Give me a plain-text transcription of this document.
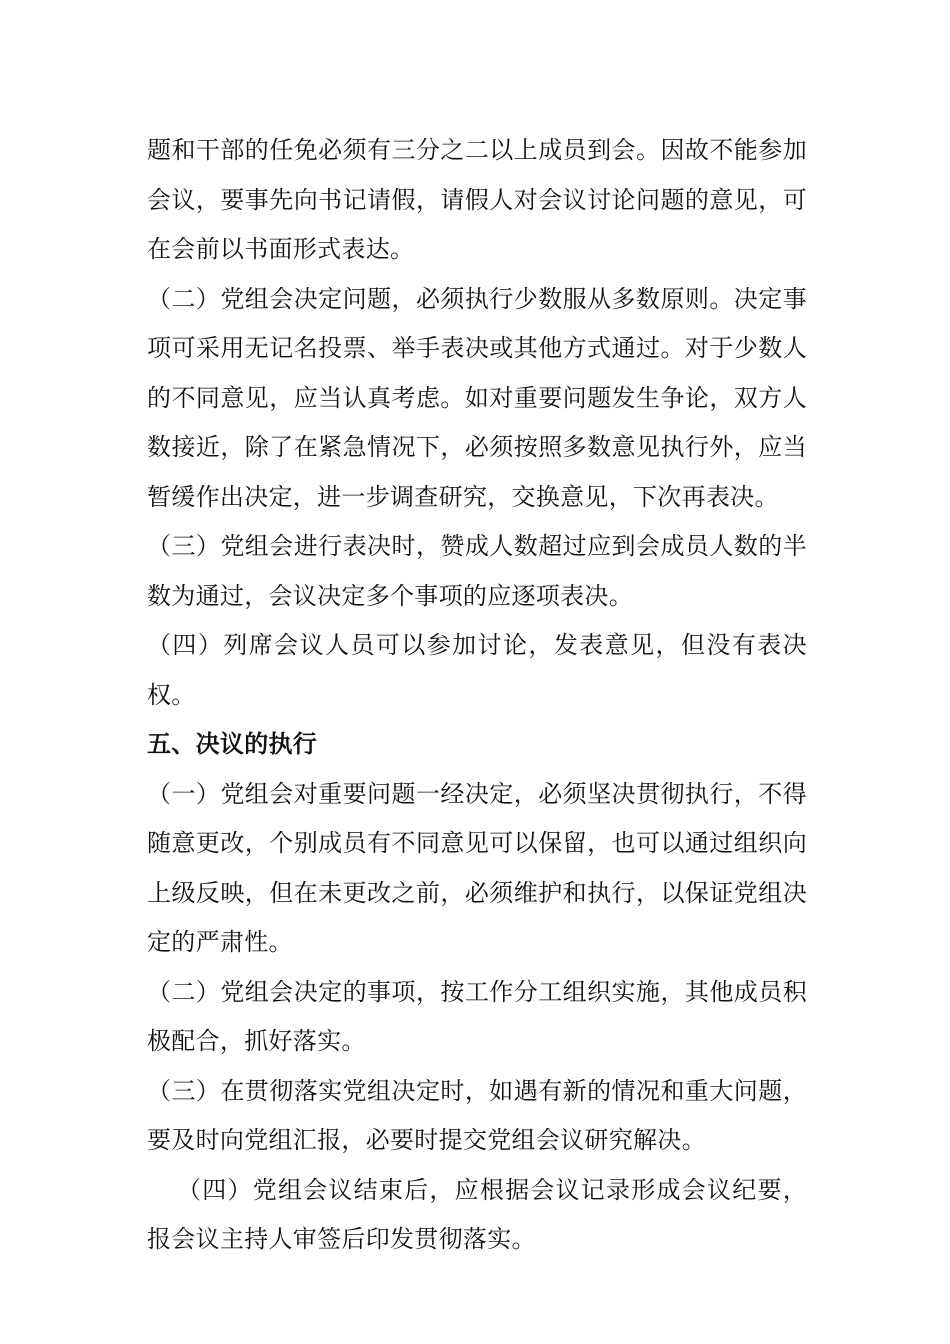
题和干部的任免必须有三分之二以上成员到会。因故不能参加会议，要事先向书记请假，请假人对会议讨论问题的意见，可在会前以书面形式表达。

（二）党组会决定问题，必须执行少数服从多数原则。决定事项可采用无记名投票、举手表决或其他方式通过。对于少数人的不同意见，应当认真考虑。如对重要问题发生争论，双方人数接近，除了在紧急情况下，必须按照多数意见执行外，应当暂缓作出决定，进一步调查研究，交换意见，下次再表决。

（三）党组会进行表决时，赞成人数超过应到会成员人数的半数为通过，会议决定多个事项的应逐项表决。

（四）列席会议人员可以参加讨论，发表意见，但没有表决权。

五、决议的执行

（一）党组会对重要问题一经决定，必须坚决贯彻执行，不得随意更改，个别成员有不同意见可以保留，也可以通过组织向上级反映，但在未更改之前，必须维护和执行，以保证党组决定的严肃性。

（二）党组会决定的事项，按工作分工组织实施，其他成员积极配合，抓好落实。

（三）在贯彻落实党组决定时，如遇有新的情况和重大问题，要及时向党组汇报，必要时提交党组会议研究解决。

（四）党组会议结束后，应根据会议记录形成会议纪要，报会议主持人审签后印发贯彻落实。
